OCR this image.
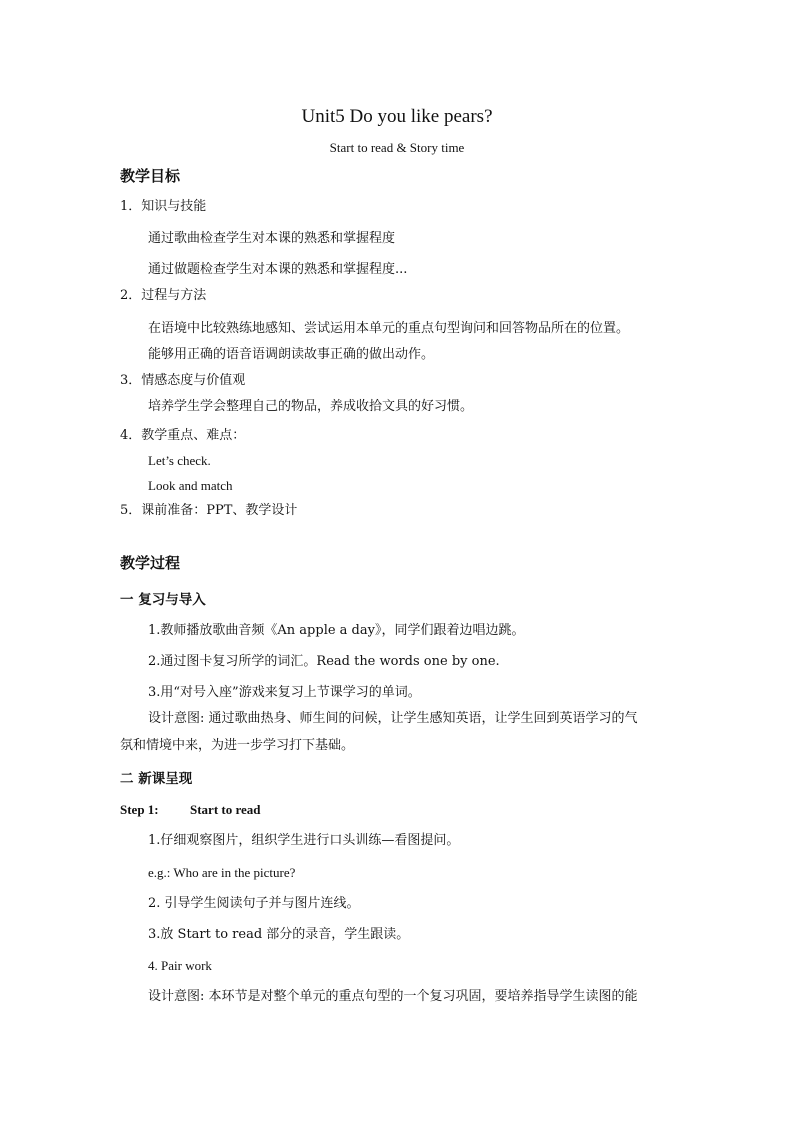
Unit5 Do you like pears?
Start to read & Story time
教学目标
1．知识与技能
通过歌曲检查学生对本课的熟悉和掌握程度
通过做题检查学生对本课的熟悉和掌握程度...
2．过程与方法
在语境中比较熟练地感知、尝试运用本单元的重点句型询问和回答物品所在的位置。
能够用正确的语音语调朗读故事正确的做出动作。
3．情感态度与价值观
培养学生学会整理自己的物品，养成收拾文具的好习惯。
4．教学重点、难点：
Let’s check.
Look and match
5．课前准备：PPT、教学设计
教学过程
一 复习与导入
1.教师播放歌曲音频《An apple a day》，同学们跟着边唱边跳。
2.通过图卡复习所学的词汇。Read the words one by one.
3.用“对号入座”游戏来复习上节课学习的单词。
设计意图: 通过歌曲热身、师生间的问候，让学生感知英语，让学生回到英语学习的气
氛和情境中来，为进一步学习打下基础。
二 新课呈现
Step 1: Start to read
1.仔细观察图片，组织学生进行口头训练—看图提问。
e.g.: Who are in the picture?
2. 引导学生阅读句子并与图片连线。
3.放 Start to read 部分的录音，学生跟读。
4. Pair work
设计意图: 本环节是对整个单元的重点句型的一个复习巩固，要培养指导学生读图的能
